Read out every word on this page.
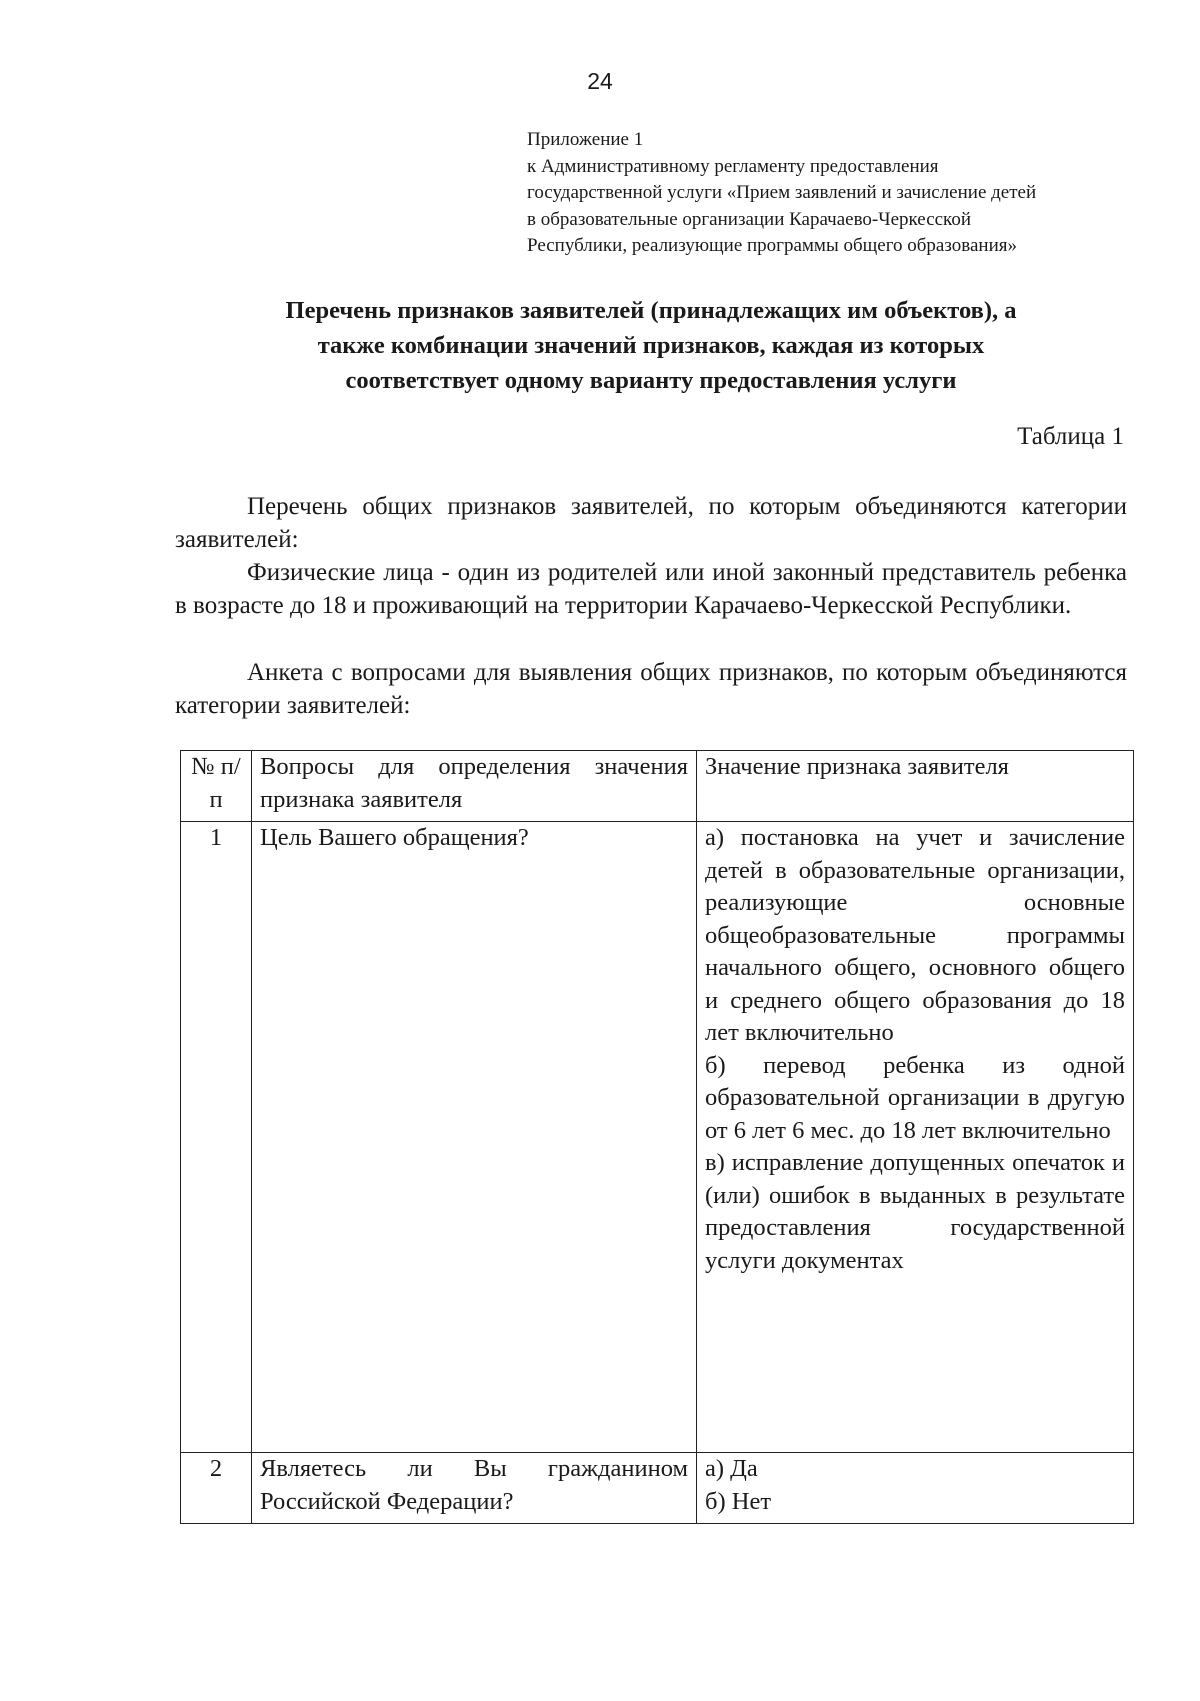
24
Приложение 1
к Административному регламенту предоставления
государственной услуги «Прием заявлений и зачисление детей
в образовательные организации Карачаево-Черкесской
Республики, реализующие программы общего образования»
Перечень признаков заявителей (принадлежащих им объектов), а
также комбинации значений признаков, каждая из которых
соответствует одному варианту предоставления услуги
Таблица 1
Перечень общих признаков заявителей, по которым объединяются категории заявителей:
Физические лица - один из родителей или иной законный представитель ребенка в возрасте до 18 и проживающий на территории Карачаево-Черкесской Республики.
Анкета с вопросами для выявления общих признаков, по которым объединяются категории заявителей:
№ п/п	Вопросы для определения значения признака заявителя	Значение признака заявителя
1	Цель Вашего обращения?	а) постановка на учет и зачисление детей в образовательные организации, реализующие основные общеобразовательные программы начального общего, основного общего и среднего общего образования до 18 лет включительно
б) перевод ребенка из одной образовательной организации в другую от 6 лет 6 мес. до 18 лет включительно
в) исправление допущенных опечаток и (или) ошибок в выданных в результате предоставления государственной услуги документах

2	Являетесь ли Вы гражданином Российской Федерации?	а) Да
б) Нет
